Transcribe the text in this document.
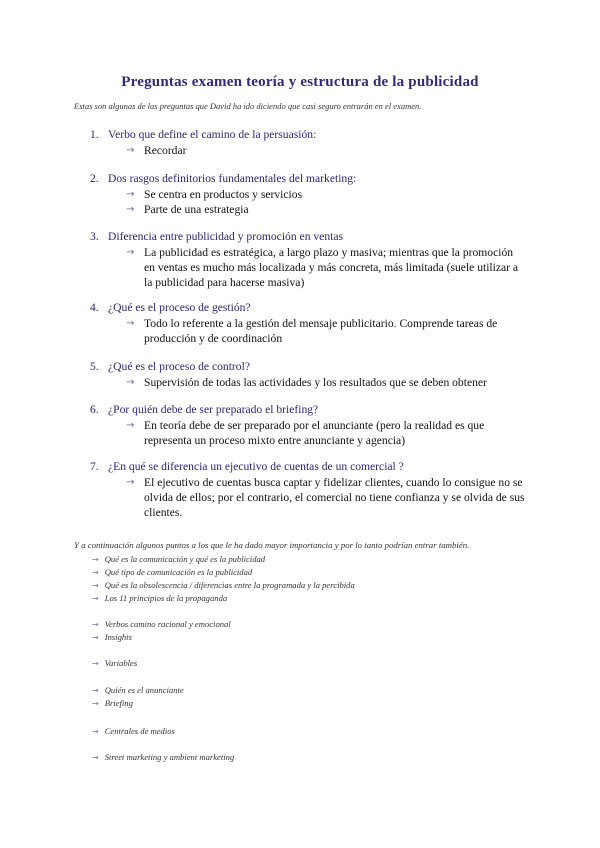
Preguntas examen teoría y estructura de la publicidad
Estas son algunas de las preguntas que David ha ido diciendo que casi seguro entrarán en el examen.
1. Verbo que define el camino de la persuasión:
→ Recordar
2. Dos rasgos definitorios fundamentales del marketing:
→ Se centra en productos y servicios
→ Parte de una estrategia
3. Diferencia entre publicidad y promoción en ventas
→ La publicidad es estratégica, a largo plazo y masiva; mientras que la promoción en ventas es mucho más localizada y más concreta, más limitada (suele utilizar a la publicidad para hacerse masiva)
4. ¿Qué es el proceso de gestión?
→ Todo lo referente a la gestión del mensaje publicitario. Comprende tareas de producción y de coordinación
5. ¿Qué es el proceso de control?
→ Supervisión de todas las actividades y los resultados que se deben obtener
6. ¿Por quién debe de ser preparado el briefing?
→ En teoría debe de ser preparado por el anunciante (pero la realidad es que representa un proceso mixto entre anunciante y agencia)
7. ¿En qué se diferencia un ejecutivo de cuentas de un comercial ?
→ El ejecutivo de cuentas busca captar y fidelizar clientes, cuando lo consigue no se olvida de ellos; por el contrario, el comercial no tiene confianza y se olvida de sus clientes.
Y a continuación algunos puntos a los que le ha dado mayor importancia y por lo tanto podrían entrar también.
→ Qué es la comunicación y qué es la publicidad
→ Qué tipo de comunicación es la publicidad
→ Qué es la obsolescencia / diferencias entre la programada y la percibida
→ Los 11 principios de la propaganda
→ Verbos camino racional y emocional
→ Insights
→ Variables
→ Quién es el anunciante
→ Briefing
→ Centrales de medios
→ Street marketing y ambient marketing
